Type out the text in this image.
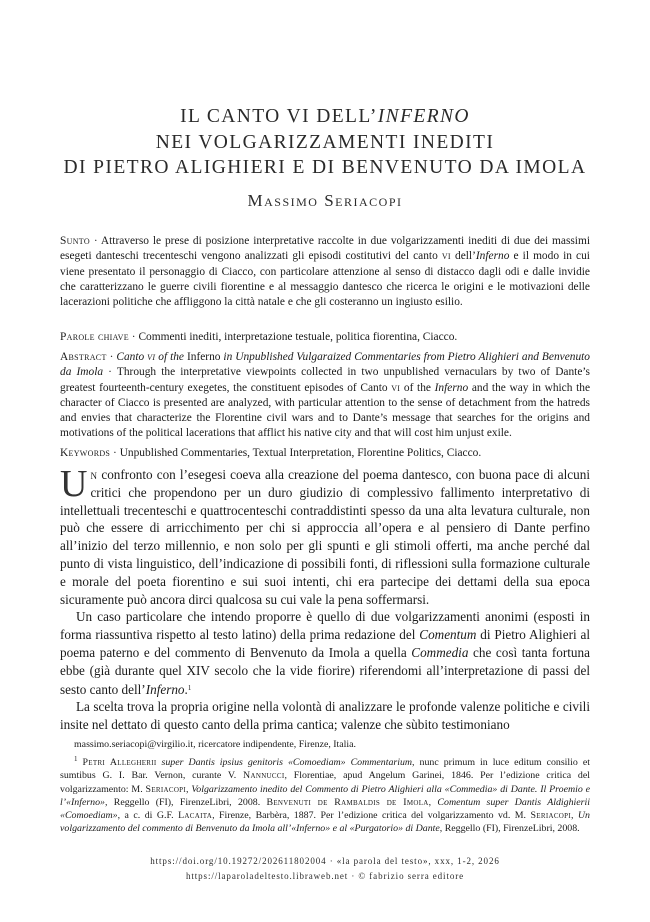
IL CANTO VI DELL’INFERNO
NEI VOLGARIZZAMENTI INEDITI
DI PIETRO ALIGHIERI E DI BENVENUTO DA IMOLA
Massimo Seriacopi
Sunto · Attraverso le prese di posizione interpretative raccolte in due volgarizzamenti inediti di due dei massimi esegeti danteschi trecenteschi vengono analizzati gli episodi costitutivi del canto vi dell’Inferno e il modo in cui viene presentato il personaggio di Ciacco, con particolare attenzione al senso di distacco dagli odi e dalle invidie che caratterizzano le guerre civili fiorentine e al messaggio dantesco che ricerca le origini e le motivazioni delle lacerazioni politiche che affliggono la città natale e che gli costeranno un ingiusto esilio.
Parole chiave · Commenti inediti, interpretazione testuale, politica fiorentina, Ciacco.
Abstract · Canto vi of the Inferno in Unpublished Vulgaraized Commentaries from Pietro Alighieri and Benvenuto da Imola · Through the interpretative viewpoints collected in two unpublished vernaculars by two of Dante’s greatest fourteenth-century exegetes, the constituent episodes of Canto vi of the Inferno and the way in which the character of Ciacco is presented are analyzed, with particular attention to the sense of detachment from the hatreds and envies that characterize the Florentine civil wars and to Dante’s message that searches for the origins and motivations of the political lacerations that afflict his native city and that will cost him unjust exile.
Keywords · Unpublished Commentaries, Textual Interpretation, Florentine Politics, Ciacco.

Un confronto con l’esegesi coeva alla creazione del poema dantesco, con buona pace di alcuni critici che propendono per un duro giudizio di complessivo fallimento interpretativo di intellettuali trecenteschi e quattrocenteschi contraddistinti spesso da una alta levatura culturale, non può che essere di arricchimento per chi si approccia all’opera e al pensiero di Dante perfino all’inizio del terzo millennio, e non solo per gli spunti e gli stimoli offerti, ma anche perché dal punto di vista linguistico, dell’indicazione di possibili fonti, di riflessioni sulla formazione culturale e morale del poeta fiorentino e sui suoi intenti, chi era partecipe dei dettami della sua epoca sicuramente può ancora dirci qualcosa su cui vale la pena soffermarsi.

Un caso particolare che intendo proporre è quello di due volgarizzamenti anonimi (esposti in forma riassuntiva rispetto al testo latino) della prima redazione del Comentum di Pietro Alighieri al poema paterno e del commento di Benvenuto da Imola a quella Commedia che così tanta fortuna ebbe (già durante quel XIV secolo che la vide fiorire) riferendomi all’interpretazione di passi del sesto canto dell’Inferno.$^1$

La scelta trova la propria origine nella volontà di analizzare le profonde valenze politiche e civili insite nel dettato di questo canto della prima cantica; valenze che sùbito testimoniano

massimo.seriacopi@virgilio.it, ricercatore indipendente, Firenze, Italia.

$^1$ Petri Allegherii super Dantis ipsius genitoris «Comoediam» Commentarium, nunc primum in luce editum consilio et sumtibus G. I. Bar. Vernon, curante V. Nannucci, Florentiae, apud Angelum Garinei, 1846. Per l’edizione critica del volgarizzamento: M. Seriacopi, Volgarizzamento inedito del Commento di Pietro Alighieri alla «Commedia» di Dante. Il Proemio e l’«Inferno», Reggello (FI), FirenzeLibri, 2008. Benvenuti de Rambaldis de Imola, Comentum super Dantis Aldighierii «Comoediam», a c. di G.F. Lacaita, Firenze, Barbèra, 1887. Per l’edizione critica del volgarizzamento vd. M. Seriacopi, Un volgarizzamento del commento di Benvenuto da Imola all’«Inferno» e al «Purgatorio» di Dante, Reggello (FI), FirenzeLibri, 2008.

https://doi.org/10.19272/202611802004 · «la parola del testo», xxx, 1-2, 2026
https://laparoladeltesto.libraweb.net · © fabrizio serra editore
